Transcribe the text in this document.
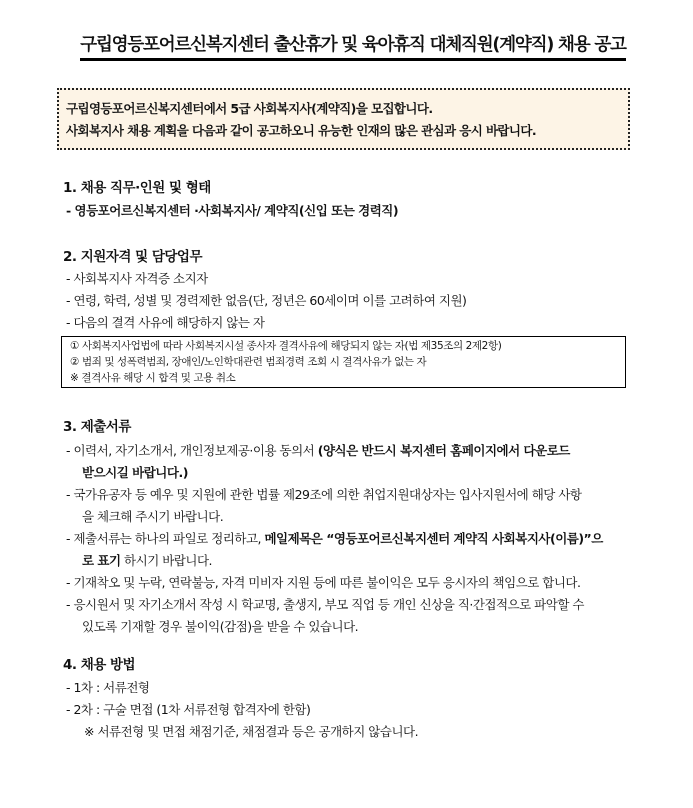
구립영등포어르신복지센터 출산휴가 및 육아휴직 대체직원(계약직) 채용 공고
구립영등포어르신복지센터에서 5급 사회복지사(계약직)을 모집합니다.
사회복지사 채용 계획을 다음과 같이 공고하오니 유능한 인재의 많은 관심과 응시 바랍니다.
1. 채용 직무·인원 및 형태
- 영등포어르신복지센터 ·사회복지사/ 계약직(신입 또는 경력직)
2. 지원자격 및 담당업무
- 사회복지사 자격증 소지자
- 연령, 학력, 성별 및 경력제한 없음(단, 정년은 60세이며 이를 고려하여 지원)
- 다음의 결격 사유에 해당하지 않는 자
① 사회복지사업법에 따라 사회복지시설 종사자 결격사유에 해당되지 않는 자(법 제35조의 2제2항)
② 범죄 및 성폭력범죄, 장애인/노인학대관련 범죄경력 조회 시 결격사유가 없는 자
※ 결격사유 해당 시 합격 및 고용 취소
3. 제출서류
- 이력서, 자기소개서, 개인정보제공·이용 동의서 (양식은 반드시 복지센터 홈페이지에서 다운로드
받으시길 바랍니다.)
- 국가유공자 등 예우 및 지원에 관한 법률 제29조에 의한 취업지원대상자는 입사지원서에 해당 사항
을 체크해 주시기 바랍니다.
- 제출서류는 하나의 파일로 정리하고, 메일제목은 “영등포어르신복지센터 계약직 사회복지사(이름)”으
로 표기 하시기 바랍니다.
- 기재착오 및 누락, 연락불능, 자격 미비자 지원 등에 따른 불이익은 모두 응시자의 책임으로 합니다.
- 응시원서 및 자기소개서 작성 시 학교명, 출생지, 부모 직업 등 개인 신상을 직·간접적으로 파악할 수
있도록 기재할 경우 불이익(감점)을 받을 수 있습니다.
4. 채용 방법
- 1차 : 서류전형
- 2차 : 구술 면접 (1차 서류전형 합격자에 한함)
※ 서류전형 및 면접 채점기준, 채점결과 등은 공개하지 않습니다.
